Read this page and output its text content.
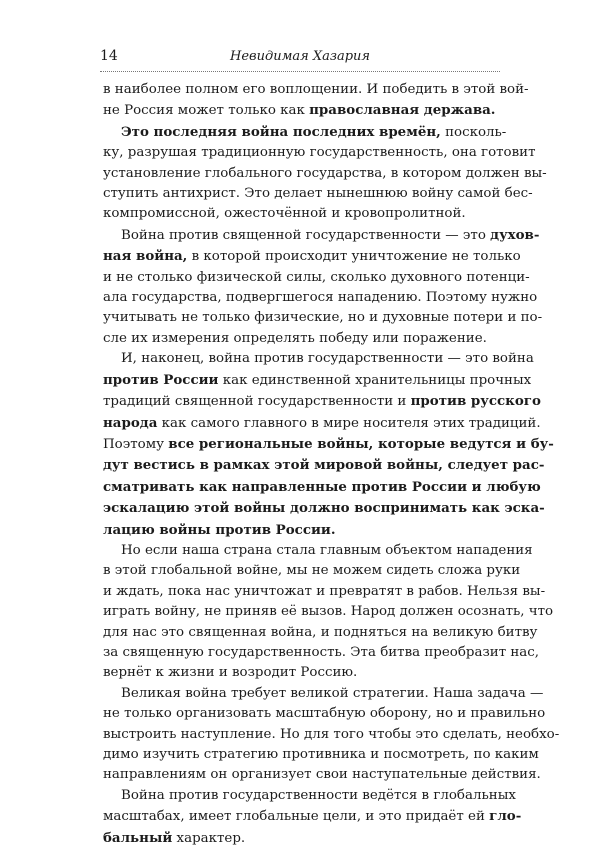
14	Невидимая Хазария
в наиболее полном его воплощении. И победить в этой вой-
не Россия может только как православная держава.
Это последняя война последних времён, посколь-
ку, разрушая традиционную государственность, она готовит
установление глобального государства, в котором должен вы-
ступить антихрист. Это делает нынешнюю войну самой бес-
компромиссной, ожесточённой и кровопролитной.
Война против священной государственности — это духов-
ная война, в которой происходит уничтожение не только
и не столько физической силы, сколько духовного потенци-
ала государства, подвергшегося нападению. Поэтому нужно
учитывать не только физические, но и духовные потери и по-
сле их измерения определять победу или поражение.
И, наконец, война против государственности — это война
против России как единственной хранительницы прочных
традиций священной государственности и против русского
народа как самого главного в мире носителя этих традиций.
Поэтому все региональные войны, которые ведутся и бу-
дут вестись в рамках этой мировой войны, следует рас-
сматривать как направленные против России и любую
эскалацию этой войны должно воспринимать как эска-
лацию войны против России.
Но если наша страна стала главным объектом нападения
в этой глобальной войне, мы не можем сидеть сложа руки
и ждать, пока нас уничтожат и превратят в рабов. Нельзя вы-
играть войну, не приняв её вызов. Народ должен осознать, что
для нас это священная война, и подняться на великую битву
за священную государственность. Эта битва преобразит нас,
вернёт к жизни и возродит Россию.
Великая война требует великой стратегии. Наша задача —
не только организовать масштабную оборону, но и правильно
выстроить наступление. Но для того чтобы это сделать, необхо-
димо изучить стратегию противника и посмотреть, по каким
направлениям он организует свои наступательные действия.
Война против государственности ведётся в глобальных
масштабах, имеет глобальные цели, и это придаёт ей гло-
бальный характер.
